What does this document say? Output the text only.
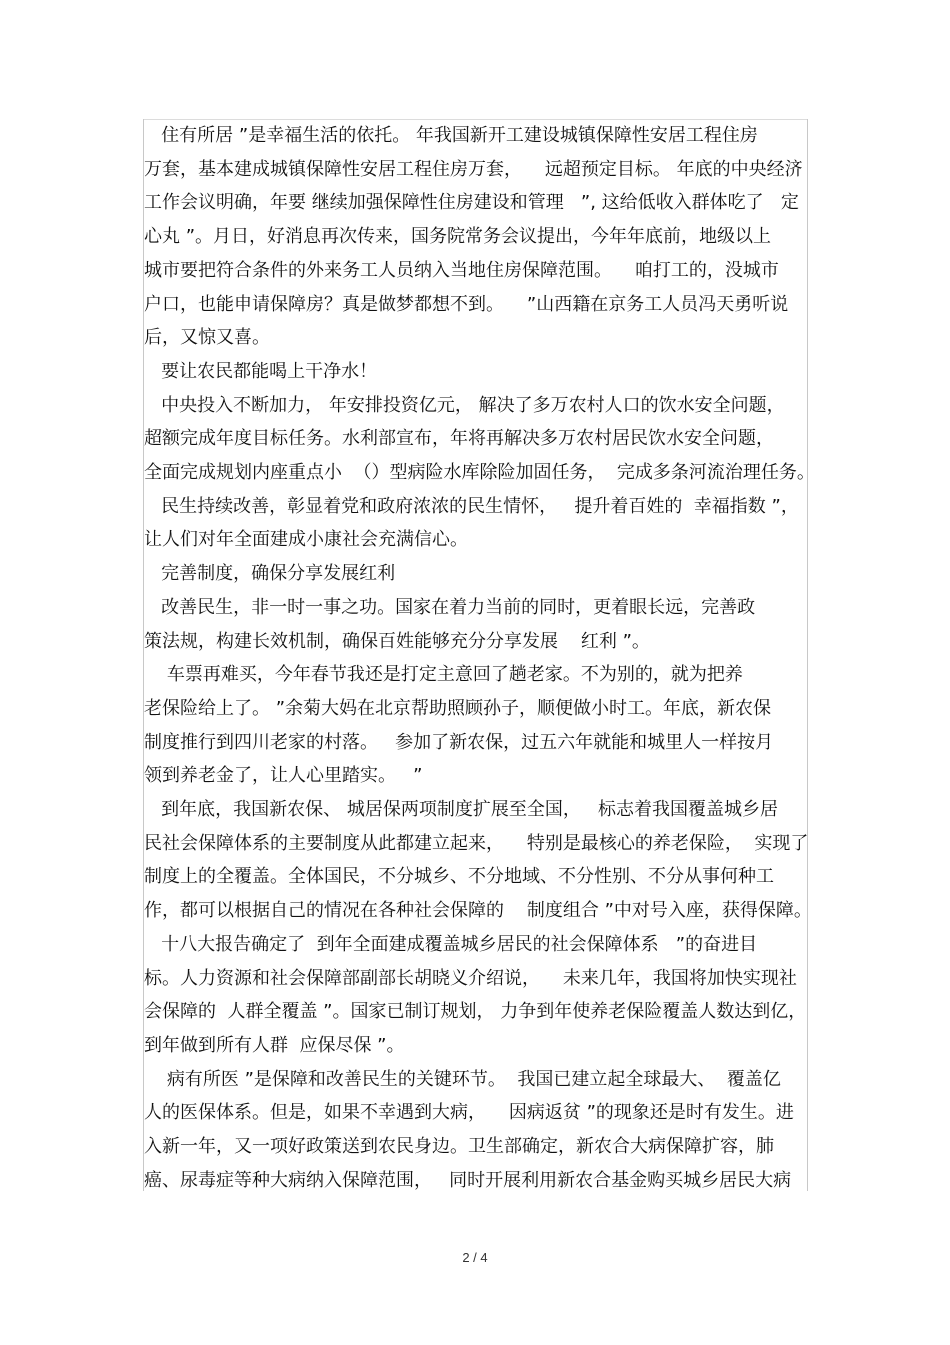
住有所居 ”是幸福生活的依托。 年我国新开工建设城镇保障性安居工程住房
万套，基本建成城镇保障性安居工程住房万套，    远超预定目标。 年底的中央经济
工作会议明确，年要 继续加强保障性住房建设和管理   ”, 这给低收入群体吃了   定
心丸 ”。月日，好消息再次传来，国务院常务会议提出，今年年底前，地级以上
城市要把符合条件的外来务工人员纳入当地住房保障范围。    咱打工的，没城市
户口，也能申请保障房？真是做梦都想不到。    ”山西籍在京务工人员冯天勇听说
后，又惊又喜。
要让农民都能喝上干净水！
中央投入不断加力， 年安排投资亿元， 解决了多万农村人口的饮水安全问题，
超额完成年度目标任务。水利部宣布，年将再解决多万农村居民饮水安全问题，
全面完成规划内座重点小  （）型病险水库除险加固任务，  完成多条河流治理任务。
民生持续改善，彰显着党和政府浓浓的民生情怀，   提升着百姓的  幸福指数 ”，
让人们对年全面建成小康社会充满信心。
完善制度，确保分享发展红利
改善民生，非一时一事之功。国家在着力当前的同时，更着眼长远，完善政
策法规，构建长效机制，确保百姓能够充分分享发展    红利 ”。
车票再难买，今年春节我还是打定主意回了趟老家。不为别的，就为把养
老保险给上了。 ”余菊大妈在北京帮助照顾孙子，顺便做小时工。年底，新农保
制度推行到四川老家的村落。   参加了新农保，过五六年就能和城里人一样按月
领到养老金了，让人心里踏实。   ”
到年底，我国新农保、 城居保两项制度扩展至全国，   标志着我国覆盖城乡居
民社会保障体系的主要制度从此都建立起来，    特别是最核心的养老保险，  实现了
制度上的全覆盖。全体国民，不分城乡、不分地域、不分性别、不分从事何种工
作，都可以根据自己的情况在各种社会保障的    制度组合 ”中对号入座，获得保障。
十八大报告确定了  到年全面建成覆盖城乡居民的社会保障体系   ”的奋进目
标。人力资源和社会保障部副部长胡晓义介绍说，    未来几年，我国将加快实现社
会保障的  人群全覆盖 ”。国家已制订规划， 力争到年使养老保险覆盖人数达到亿，
到年做到所有人群  应保尽保 ”。
病有所医 ”是保障和改善民生的关键环节。  我国已建立起全球最大、  覆盖亿
人的医保体系。但是，如果不幸遇到大病，    因病返贫 ”的现象还是时有发生。进
入新一年，又一项好政策送到农民身边。卫生部确定，新农合大病保障扩容，肺
癌、尿毒症等种大病纳入保障范围，   同时开展利用新农合基金购买城乡居民大病
2 / 4
